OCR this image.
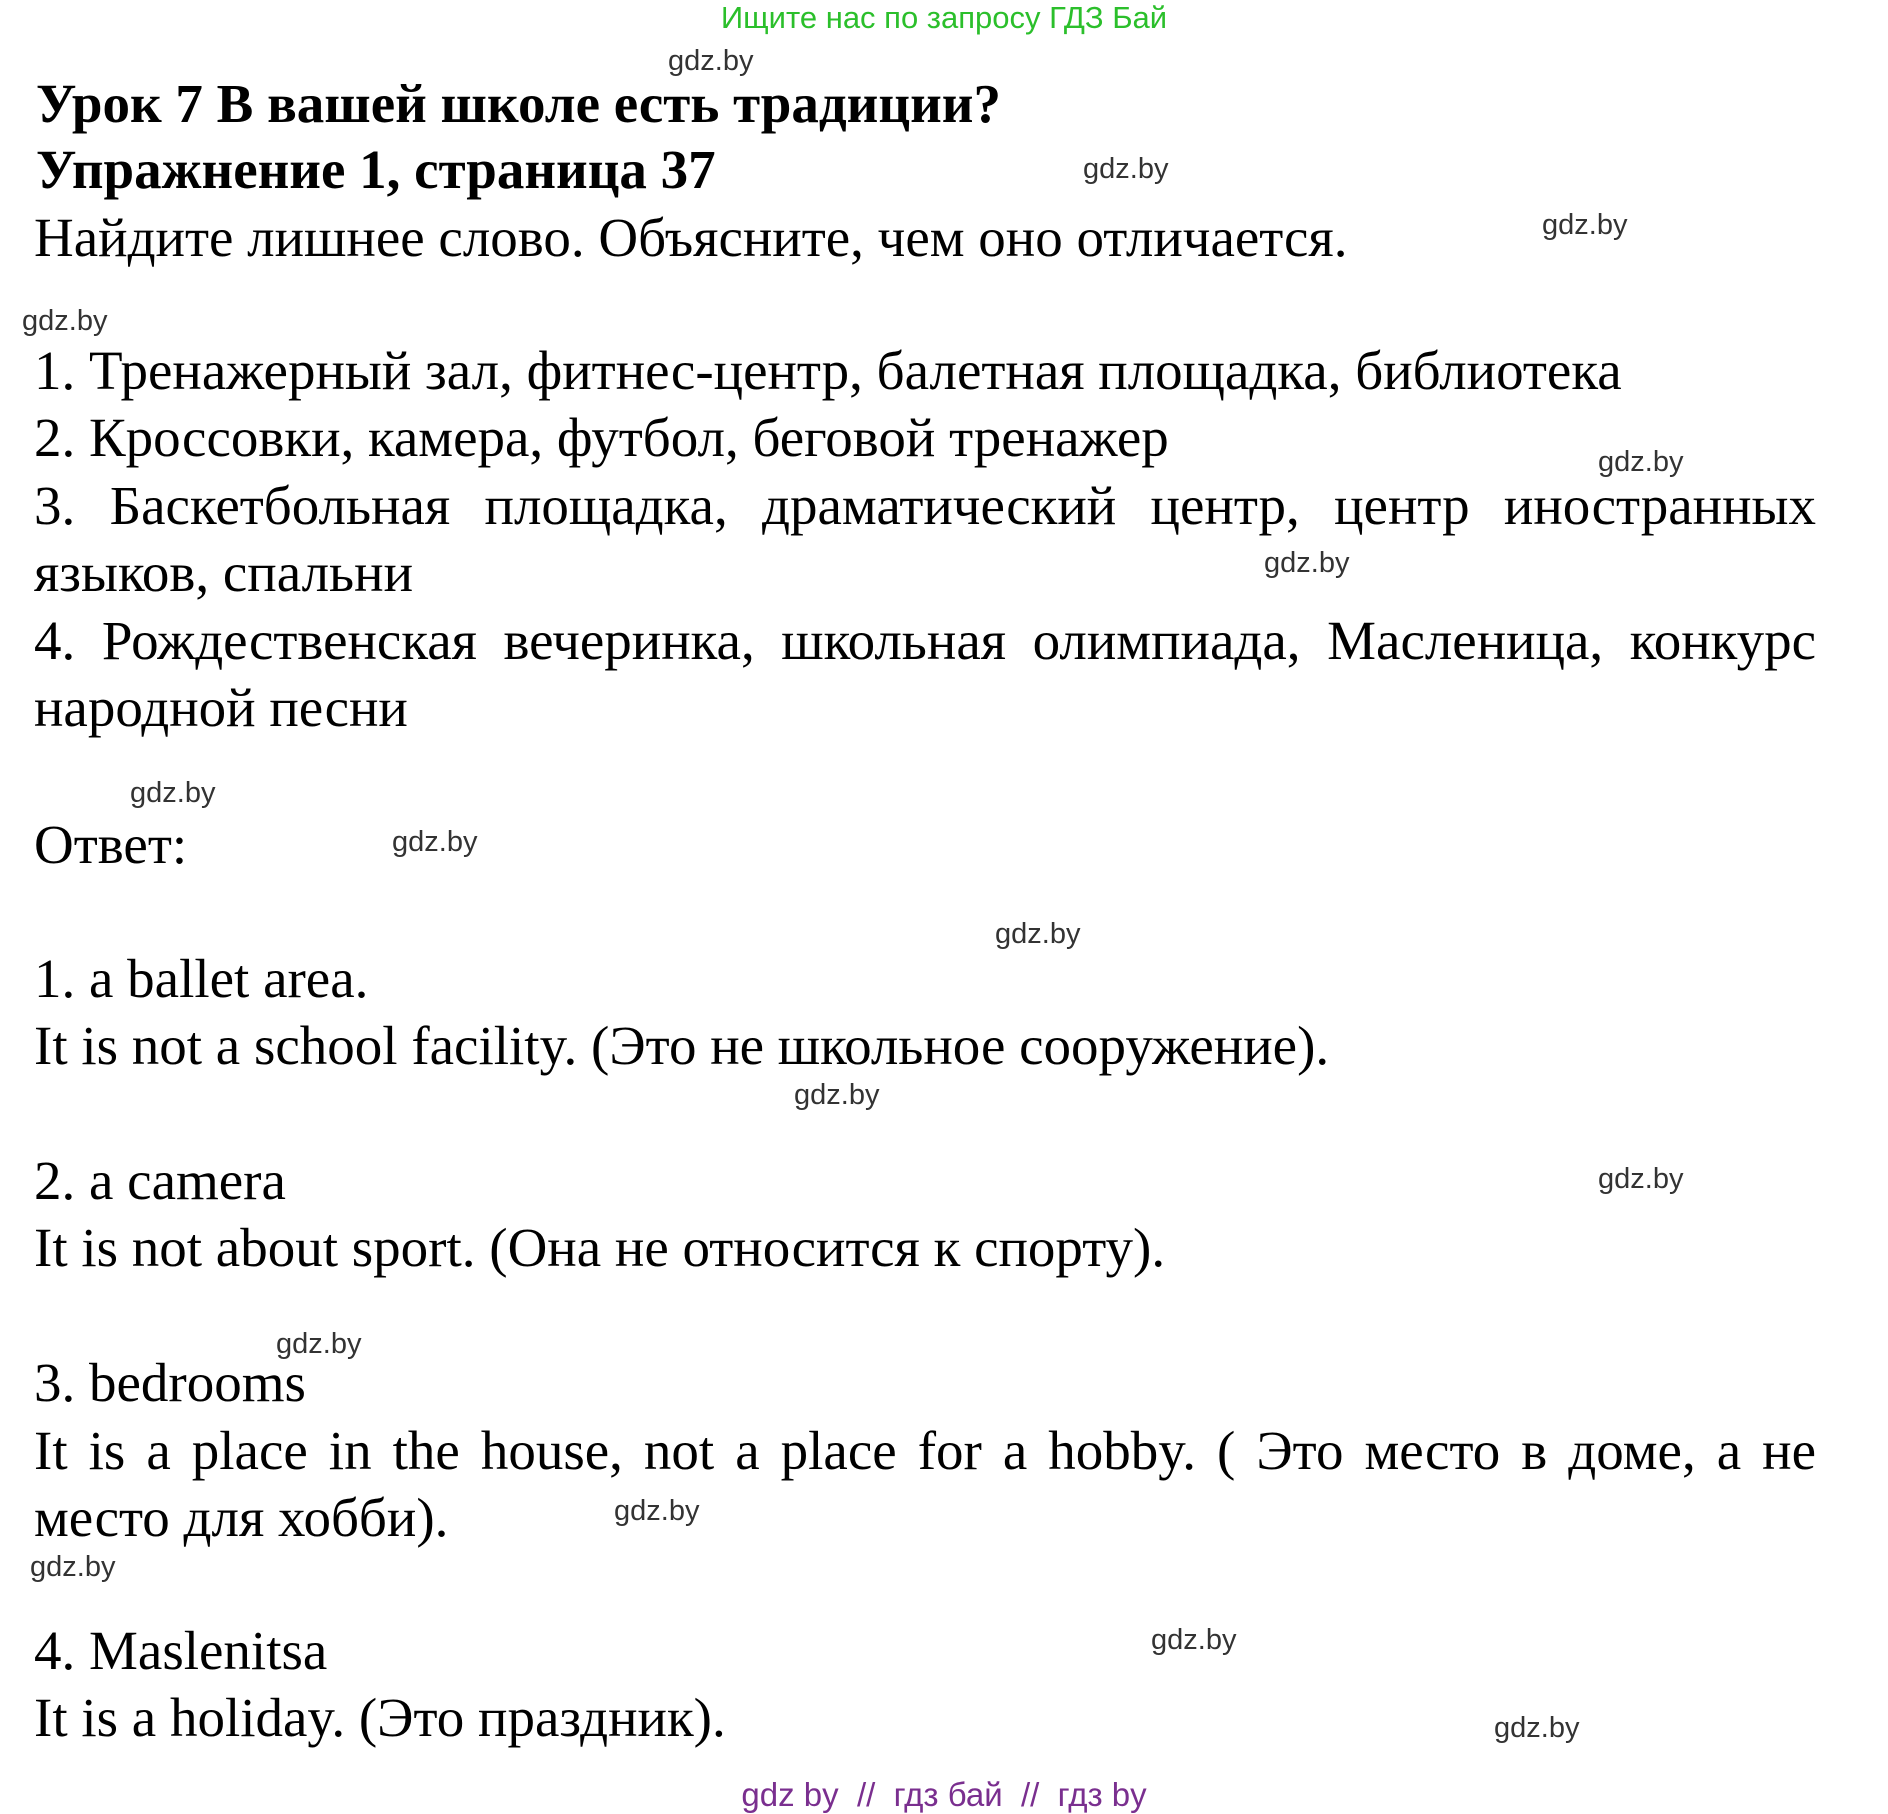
Ищите нас по запросу ГДЗ Бай
Урок 7 В вашей школе есть традиции?
Упражнение 1, страница 37
Найдите лишнее слово. Объясните, чем оно отличается.
1. Тренажерный зал, фитнес-центр, балетная площадка, библиотека
2. Кроссовки, камера, футбол, беговой тренажер
3. Баскетбольная площадка, драматический центр, центр иностранных языков, спальни
4. Рождественская вечеринка, школьная олимпиада, Масленица, конкурс народной песни
Ответ:
1. a ballet area.
It is not a school facility. (Это не школьное сооружение).
2. a camera
It is not about sport. (Она не относится к спорту).
3. bedrooms
It is a place in the house, not a place for a hobby. ( Это место в доме, а не место для хобби).
4. Maslenitsa
It is a holiday. (Это праздник).
gdz.by
gdz.by
gdz.by
gdz.by
gdz.by
gdz.by
gdz.by
gdz.by
gdz.by
gdz.by
gdz.by
gdz.by
gdz.by
gdz.by
gdz.by
gdz.by
gdz by  //  гдз бай  //  гдз by
